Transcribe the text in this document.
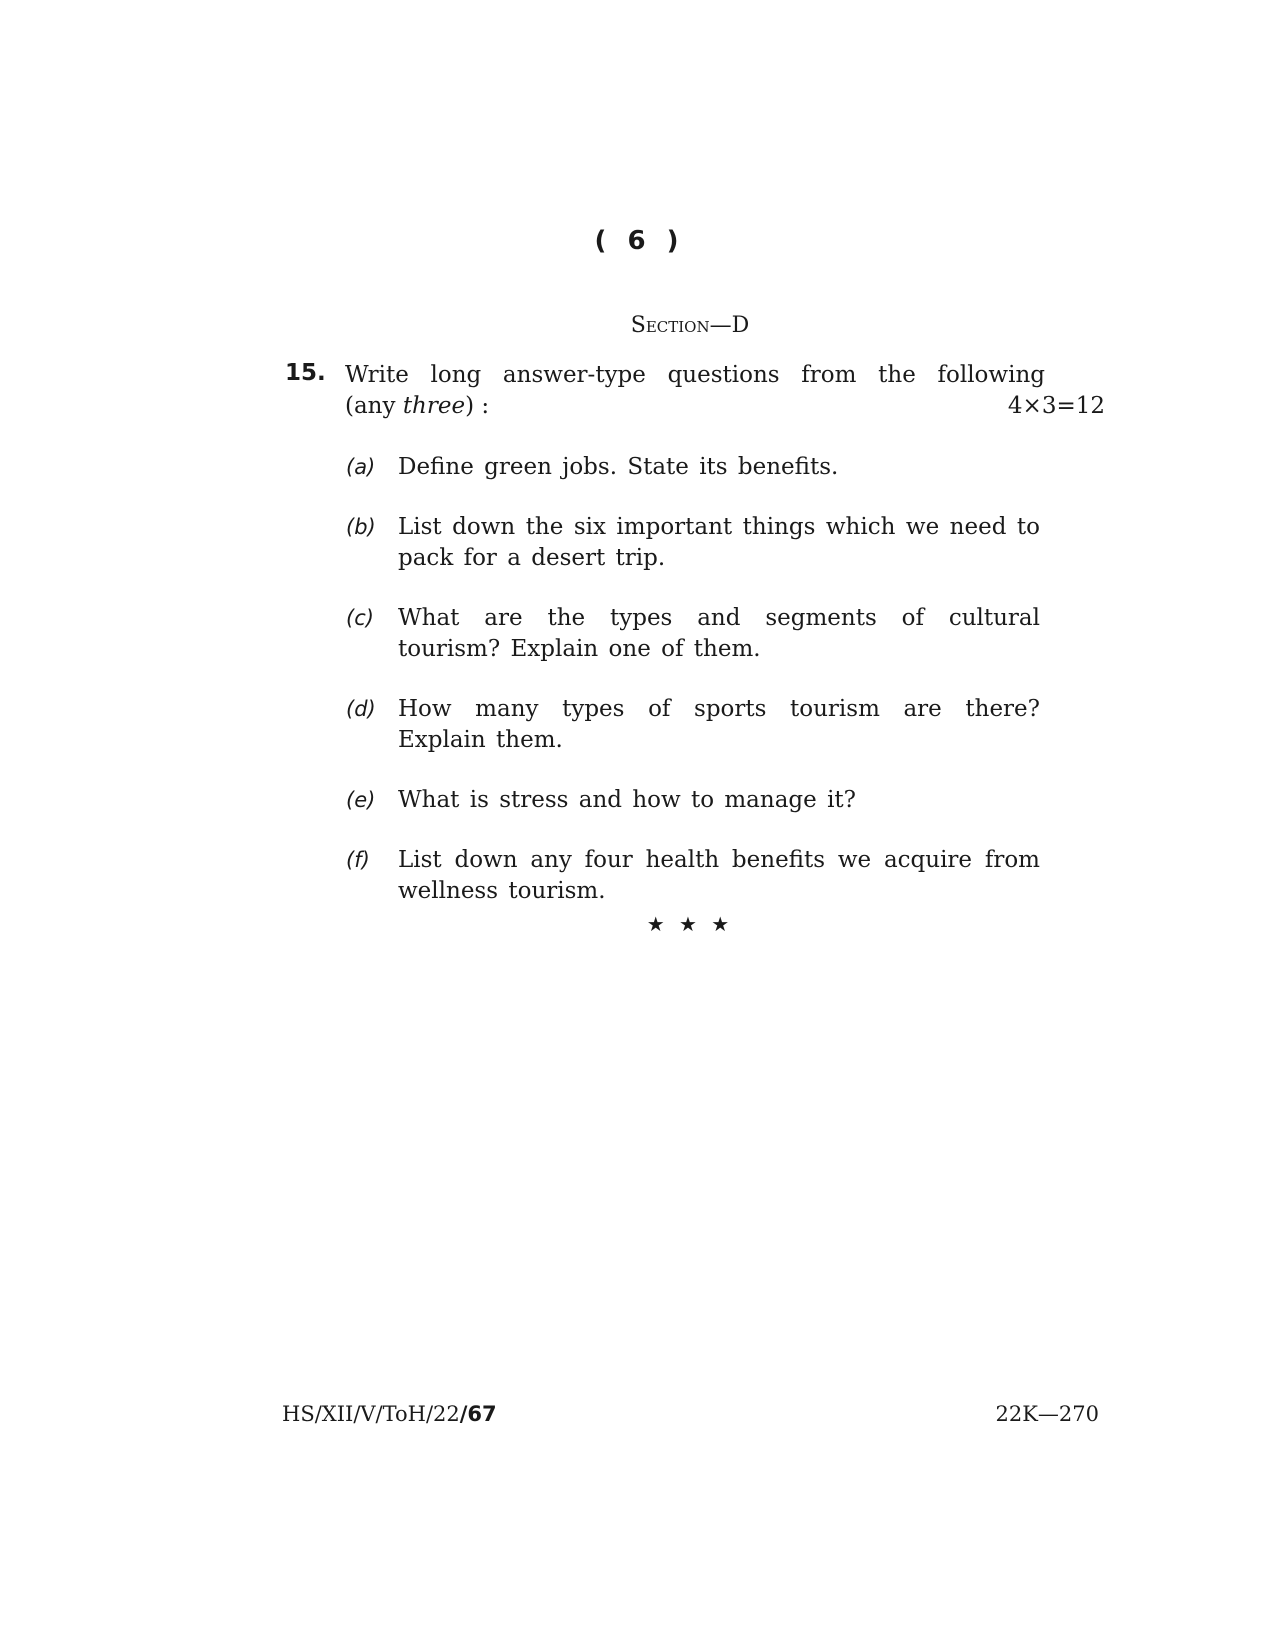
( 6 )
Section—D
15. Write long answer-type questions from the following
(any three) :	4×3=12
(a) Define green jobs. State its benefits.
(b) List down the six important things which we need to pack for a desert trip.
(c) What are the types and segments of cultural tourism? Explain one of them.
(d) How many types of sports tourism are there? Explain them.
(e) What is stress and how to manage it?
(f) List down any four health benefits we acquire from wellness tourism.
★ ★ ★
HS/XII/V/ToH/22/67	22K—270
